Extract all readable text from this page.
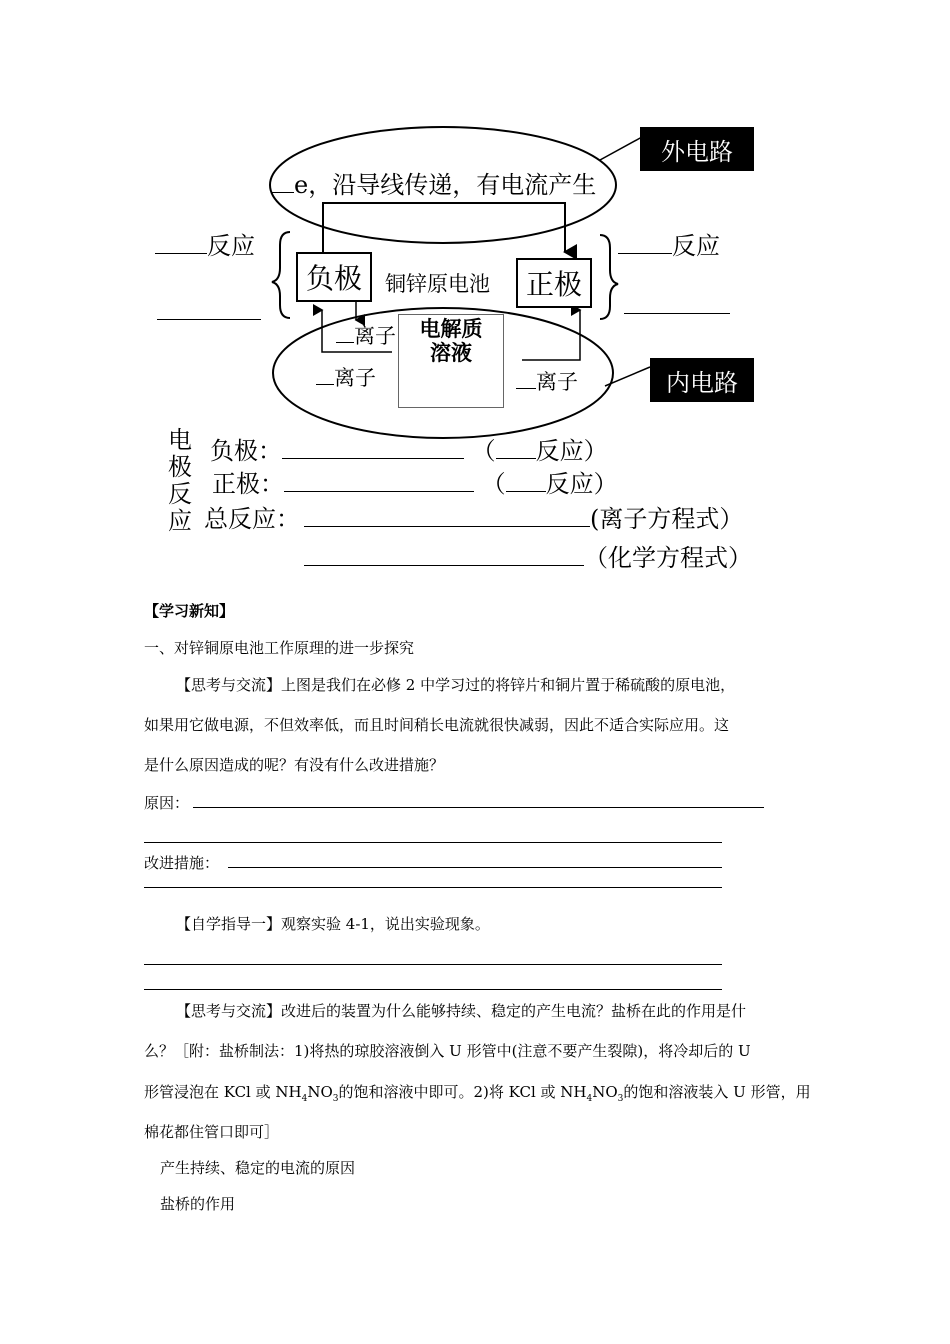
e，沿导线传递，有电流产生
外电路
内电路
负极	正极
铜锌原电池
反应	反应
电解质
溶液
离子
离子	离子
电
极
反
应
负极：	（ 反应）
正极：	（ 反应）
总反应：	(离子方程式）
（化学方程式）
【学习新知】
一、对锌铜原电池工作原理的进一步探究
【思考与交流】上图是我们在必修 2 中学习过的将锌片和铜片置于稀硫酸的原电池，
如果用它做电源，不但效率低，而且时间稍长电流就很快减弱，因此不适合实际应用。这
是什么原因造成的呢？有没有什么改进措施？
原因：
改进措施：
【自学指导一】观察实验 4-1，说出实验现象。
【思考与交流】改进后的装置为什么能够持续、稳定的产生电流？盐桥在此的作用是什
么？［附：盐桥制法：1)将热的琼胶溶液倒入 U 形管中(注意不要产生裂隙)，将冷却后的 U
形管浸泡在 KCl 或 $NH_4NO_3$的饱和溶液中即可。2)将 KCl 或 $NH_4NO_3$的饱和溶液装入 U 形管，用
棉花都住管口即可］
产生持续、稳定的电流的原因
盐桥的作用
